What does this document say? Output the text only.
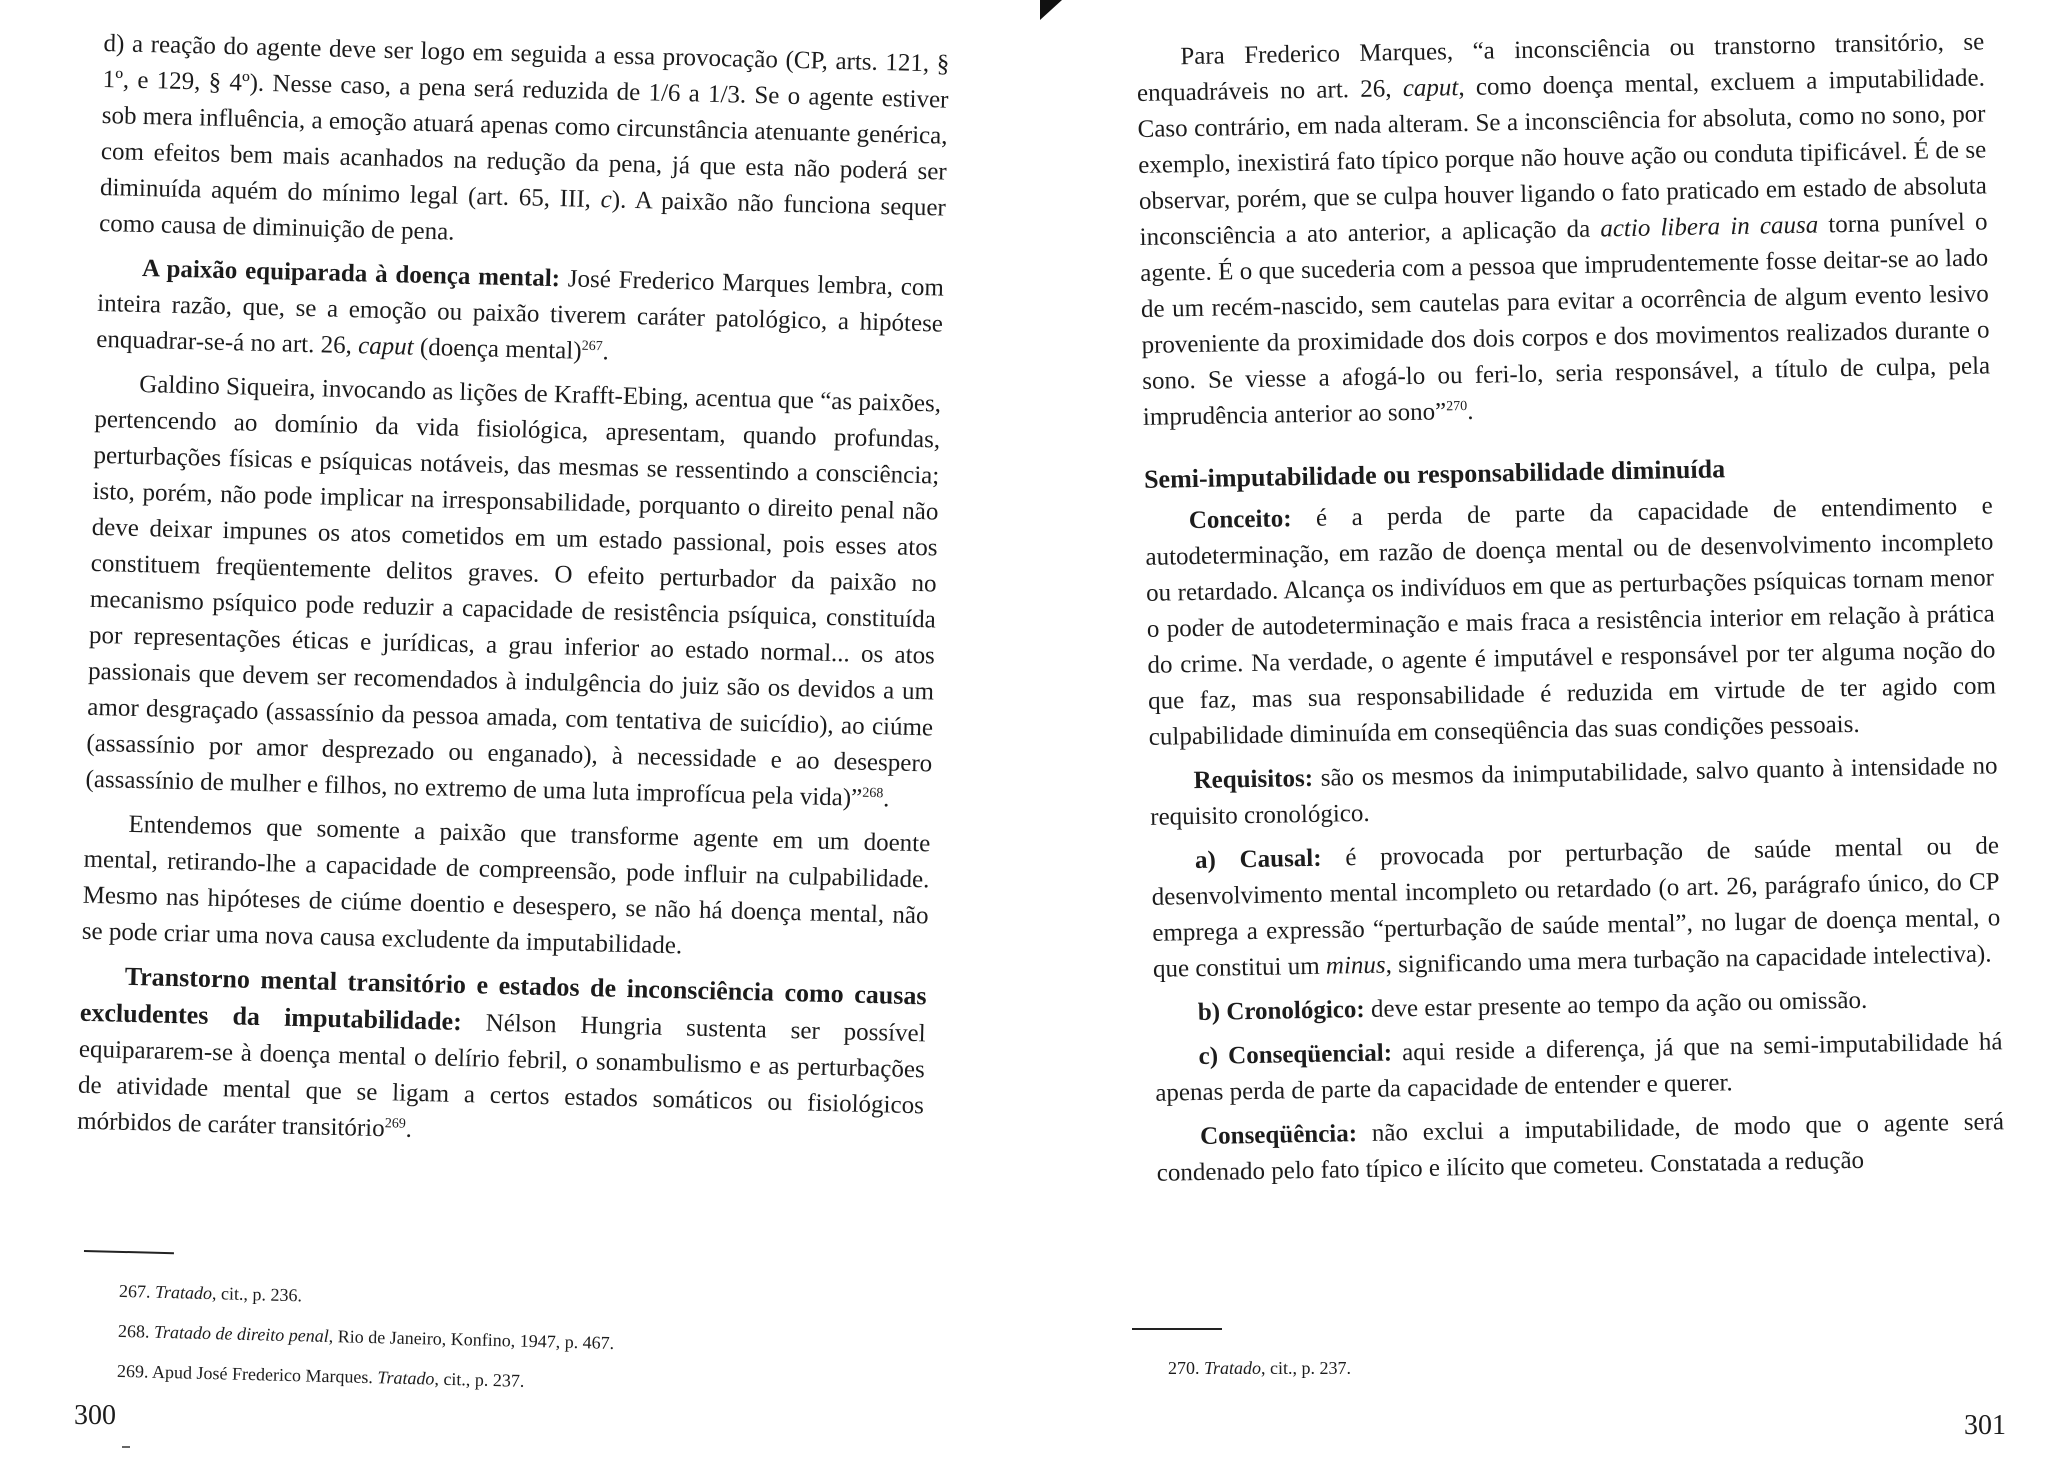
d) a reação do agente deve ser logo em seguida a essa provocação (CP, arts. 121, § 1º, e 129, § 4º). Nesse caso, a pena será reduzida de 1/6 a 1/3. Se o agente estiver sob mera influência, a emoção atuará apenas como circunstância atenuante genérica, com efeitos bem mais acanhados na redução da pena, já que esta não poderá ser diminuída aquém do mínimo legal (art. 65, III, c). A paixão não funciona sequer como causa de diminuição de pena.

A paixão equiparada à doença mental: José Frederico Marques lembra, com inteira razão, que, se a emoção ou paixão tiverem caráter patológico, a hipótese enquadrar-se-á no art. 26, caput (doença mental)$^{267}$.

Galdino Siqueira, invocando as lições de Krafft-Ebing, acentua que “as paixões, pertencendo ao domínio da vida fisiológica, apresentam, quando profundas, perturbações físicas e psíquicas notáveis, das mesmas se ressentindo a consciência; isto, porém, não pode implicar na irresponsabilidade, porquanto o direito penal não deve deixar impunes os atos cometidos em um estado passional, pois esses atos constituem freqüentemente delitos graves. O efeito perturbador da paixão no mecanismo psíquico pode reduzir a capacidade de resistência psíquica, constituída por representações éticas e jurídicas, a grau inferior ao estado normal... os atos passionais que devem ser recomendados à indulgência do juiz são os devidos a um amor desgraçado (assassínio da pessoa amada, com tentativa de suicídio), ao ciúme (assassínio por amor desprezado ou enganado), à necessidade e ao desespero (assassínio de mulher e filhos, no extremo de uma luta improfícua pela vida)”$^{268}$.

Entendemos que somente a paixão que transforme agente em um doente mental, retirando-lhe a capacidade de compreensão, pode influir na culpabilidade. Mesmo nas hipóteses de ciúme doentio e desespero, se não há doença mental, não se pode criar uma nova causa excludente da imputabilidade.

Transtorno mental transitório e estados de inconsciência como causas excludentes da imputabilidade: Nélson Hungria sustenta ser possível equipararem-se à doença mental o delírio febril, o sonambulismo e as perturbações de atividade mental que se ligam a certos estados somáticos ou fisiológicos mórbidos de caráter transitório$^{269}$.

267. Tratado, cit., p. 236.

268. Tratado de direito penal, Rio de Janeiro, Konfino, 1947, p. 467.

269. Apud José Frederico Marques. Tratado, cit., p. 237.

300

Para Frederico Marques, “a inconsciência ou transtorno transitório, se enquadráveis no art. 26, caput, como doença mental, excluem a imputabilidade. Caso contrário, em nada alteram. Se a inconsciência for absoluta, como no sono, por exemplo, inexistirá fato típico porque não houve ação ou conduta tipificável. É de se observar, porém, que se culpa houver ligando o fato praticado em estado de absoluta inconsciência a ato anterior, a aplicação da actio libera in causa torna punível o agente. É o que sucederia com a pessoa que imprudentemente fosse deitar-se ao lado de um recém-nascido, sem cautelas para evitar a ocorrência de algum evento lesivo proveniente da proximidade dos dois corpos e dos movimentos realizados durante o sono. Se viesse a afogá-lo ou feri-lo, seria responsável, a título de culpa, pela imprudência anterior ao sono”$^{270}$.

Semi-imputabilidade ou responsabilidade diminuída

Conceito: é a perda de parte da capacidade de entendimento e autodeterminação, em razão de doença mental ou de desenvolvimento incompleto ou retardado. Alcança os indivíduos em que as perturbações psíquicas tornam menor o poder de autodeterminação e mais fraca a resistência interior em relação à prática do crime. Na verdade, o agente é imputável e responsável por ter alguma noção do que faz, mas sua responsabilidade é reduzida em virtude de ter agido com culpabilidade diminuída em conseqüência das suas condições pessoais.

Requisitos: são os mesmos da inimputabilidade, salvo quanto à intensidade no requisito cronológico.

a) Causal: é provocada por perturbação de saúde mental ou de desenvolvimento mental incompleto ou retardado (o art. 26, parágrafo único, do CP emprega a expressão “perturbação de saúde mental”, no lugar de doença mental, o que constitui um minus, significando uma mera turbação na capacidade intelectiva).

b) Cronológico: deve estar presente ao tempo da ação ou omissão.

c) Conseqüencial: aqui reside a diferença, já que na semi-imputabilidade há apenas perda de parte da capacidade de entender e querer.

Conseqüência: não exclui a imputabilidade, de modo que o agente será condenado pelo fato típico e ilícito que cometeu. Constatada a redução

270. Tratado, cit., p. 237.

301
